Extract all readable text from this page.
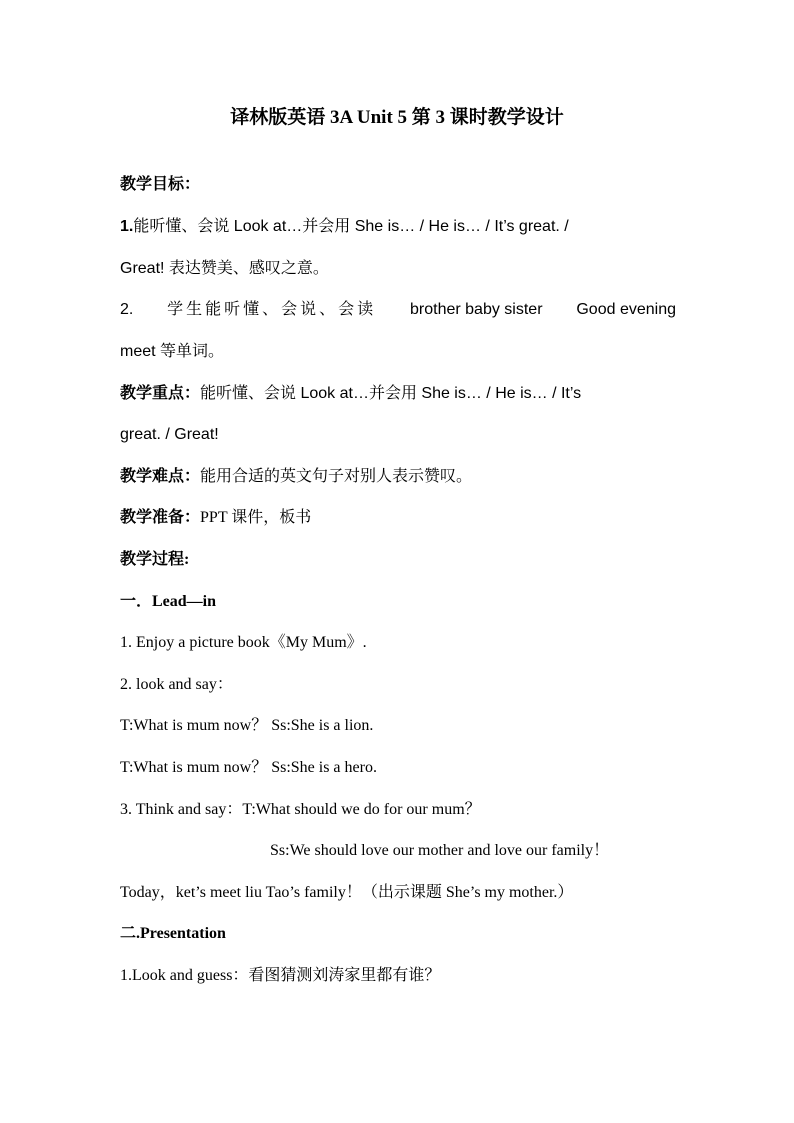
译林版英语 3A Unit 5 第 3 课时教学设计
教学目标：
1.能听懂、会说 Look at…并会用 She is… / He is… / It’s great. /
Great! 表达赞美、感叹之意。
2. 学生能听懂、会说、会读 brother baby sister Good evening
meet 等单词。
教学重点：能听懂、会说 Look at…并会用 She is… / He is… / It’s
great. / Great!
教学难点：能用合适的英文句子对别人表示赞叹。
教学准备：PPT 课件，板书
教学过程:
一．Lead—in
1. Enjoy a picture book《My Mum》.
2. look and say：
T:What is mum now？ Ss:She is a lion.
T:What is mum now？ Ss:She is a hero.
3. Think and say：T:What should we do for our mum？
Ss:We should love our mother and love our family！
Today，ket’s meet liu Tao’s family！（出示课题 She’s my mother.）
二.Presentation
1.Look and guess：看图猜测刘涛家里都有谁？
